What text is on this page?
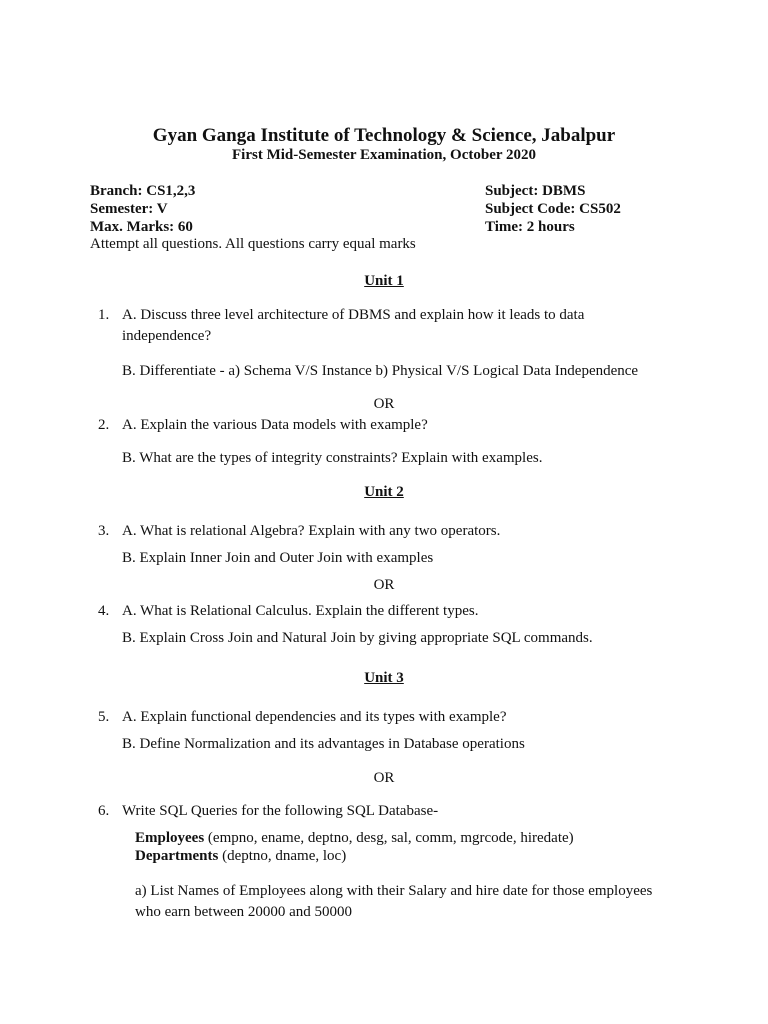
Gyan Ganga Institute of Technology & Science, Jabalpur
First Mid-Semester Examination, October 2020
Branch: CS1,2,3
Semester: V
Max. Marks: 60
Attempt all questions. All questions carry equal marks
Subject: DBMS
Subject Code: CS502
Time: 2 hours
Unit 1
1. A. Discuss three level architecture of DBMS and explain how it leads to data independence?
B. Differentiate - a) Schema V/S Instance b) Physical V/S Logical Data Independence
OR
2. A. Explain the various Data models with example?
B. What are the types of integrity constraints? Explain with examples.
Unit 2
3. A. What is relational Algebra? Explain with any two operators.
B. Explain Inner Join and Outer Join with examples
OR
4. A. What is Relational Calculus. Explain the different types.
B. Explain Cross Join and Natural Join by giving appropriate SQL commands.
Unit 3
5. A. Explain functional dependencies and its types with example?
B. Define Normalization and its advantages in Database operations
OR
6. Write SQL Queries for the following SQL Database-
Employees (empno, ename, deptno, desg, sal, comm, mgrcode, hiredate)
Departments (deptno, dname, loc)
a) List Names of Employees along with their Salary and hire date for those employees who earn between 20000 and 50000
